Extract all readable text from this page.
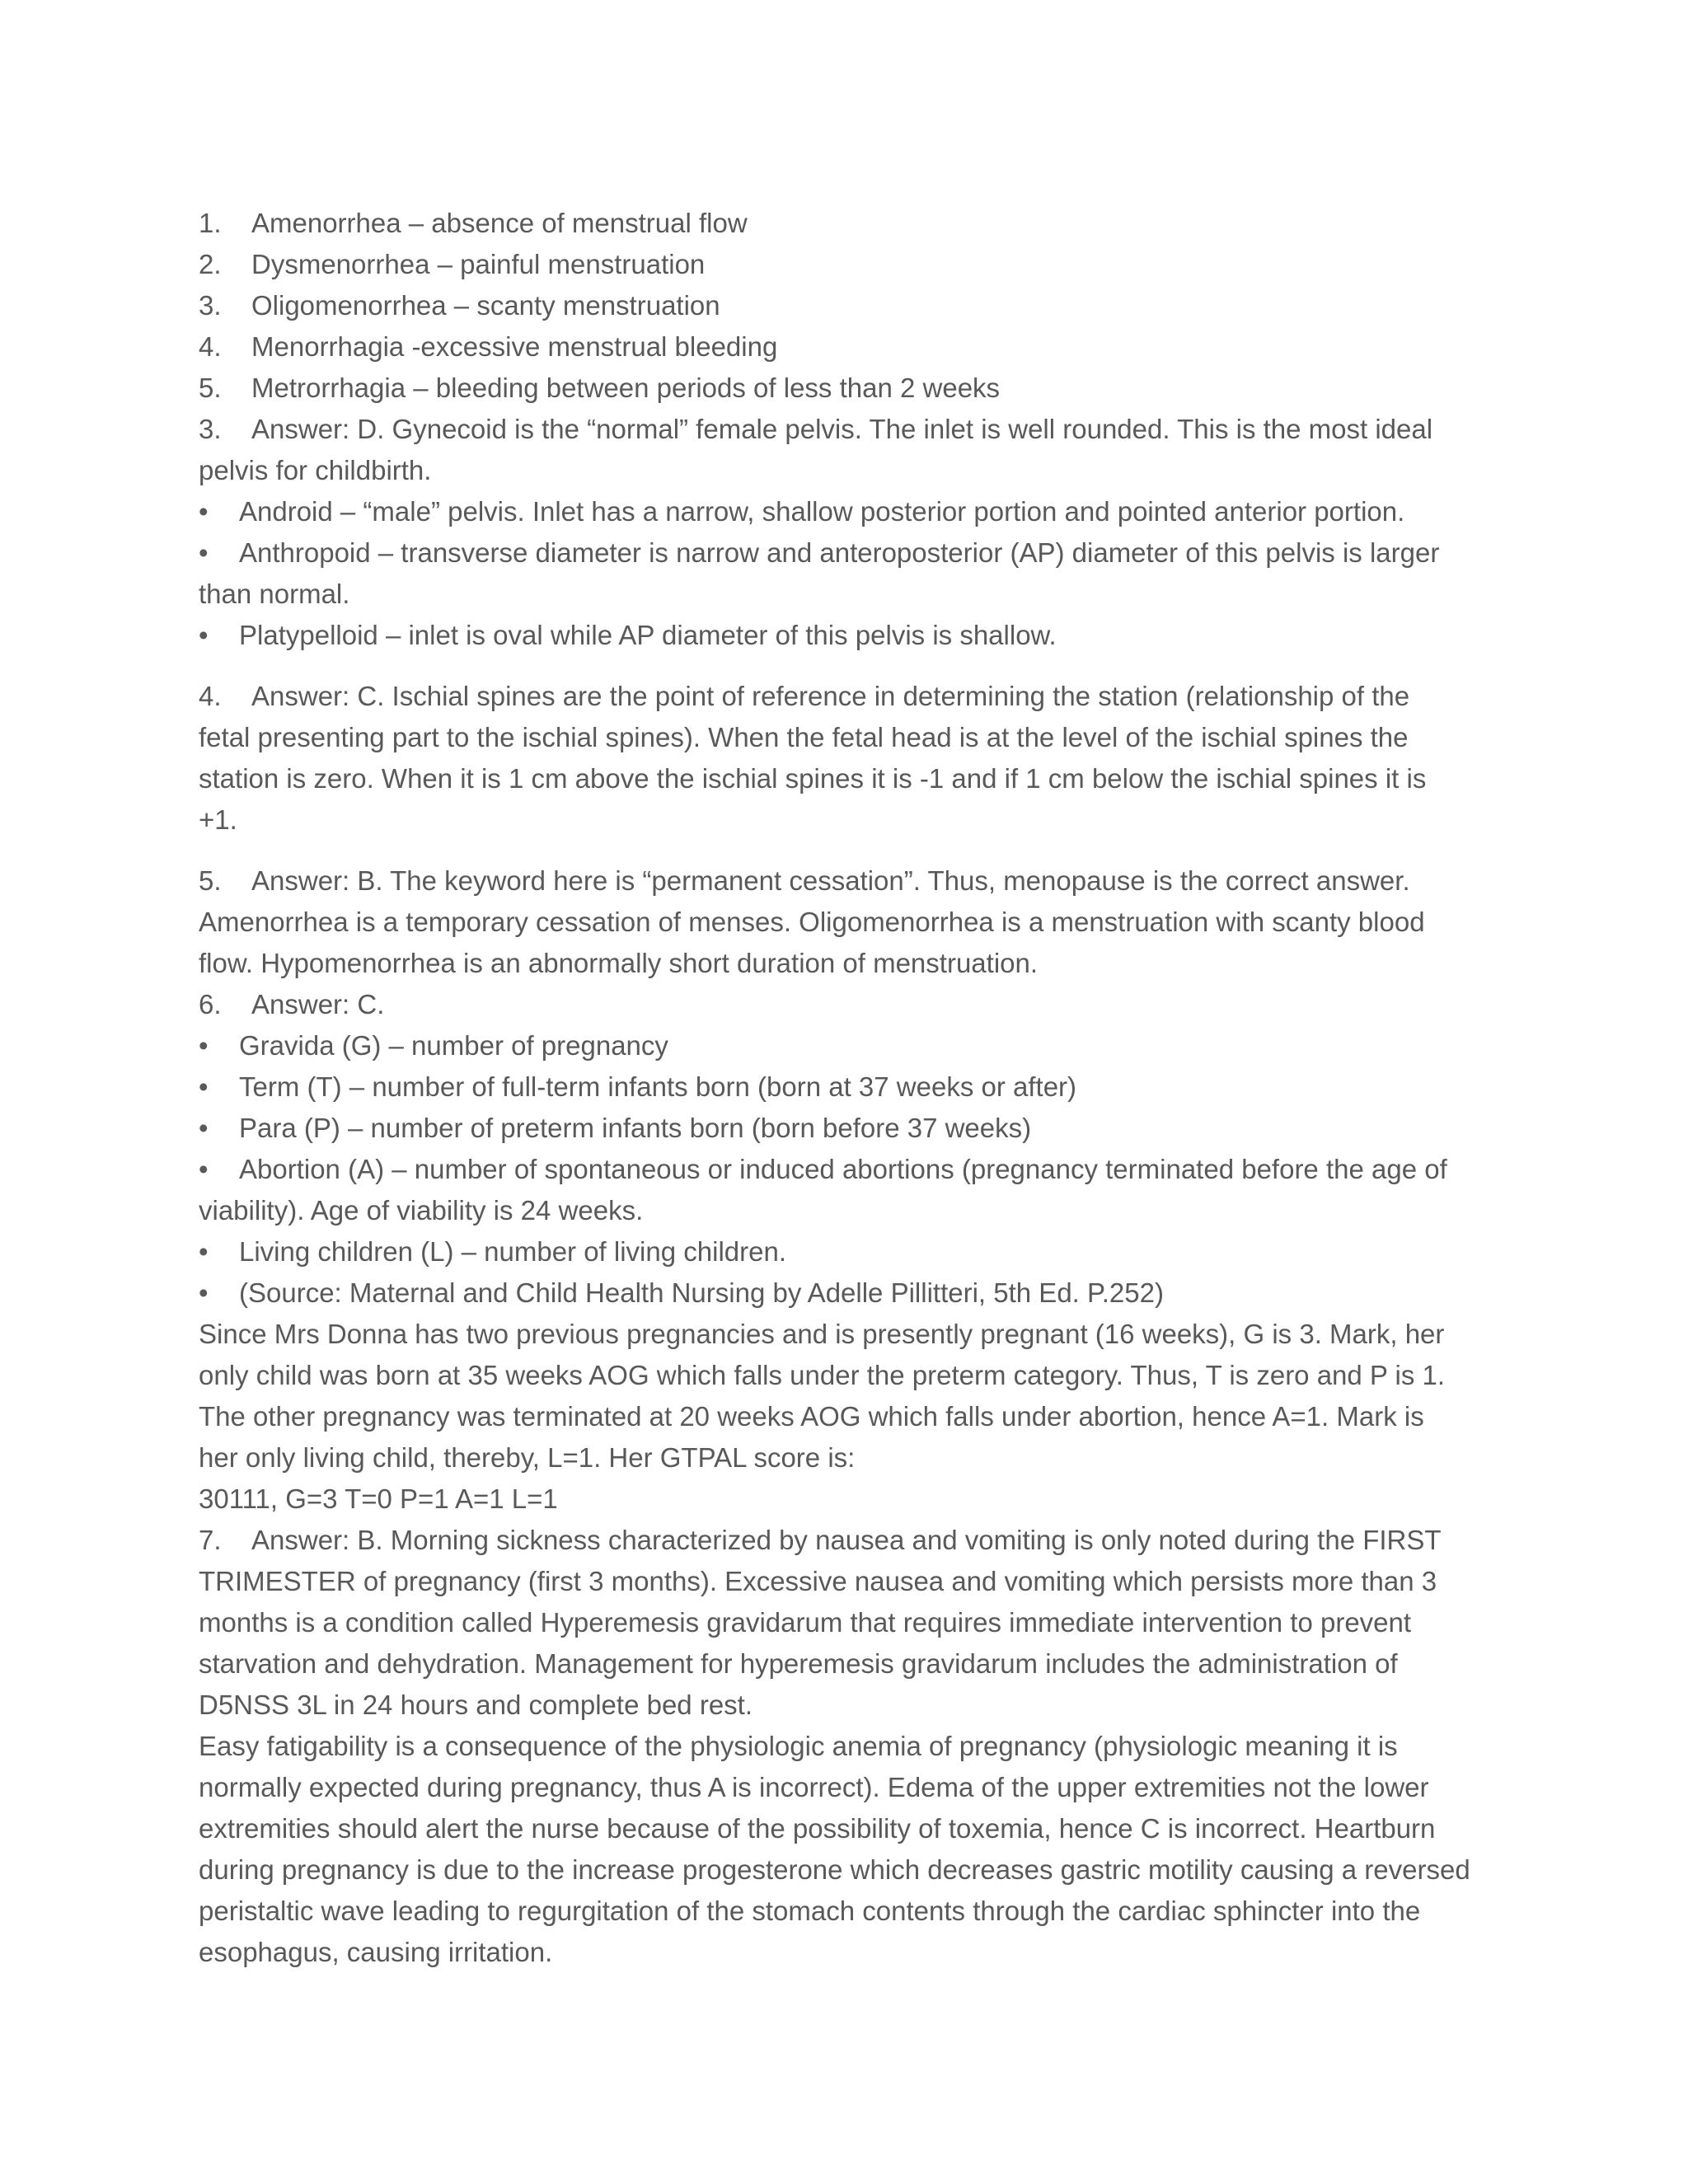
1.	Amenorrhea – absence of menstrual flow
2.	Dysmenorrhea – painful menstruation
3.	Oligomenorrhea – scanty menstruation
4.	Menorrhagia -excessive menstrual bleeding
5.	Metrorrhagia – bleeding between periods of less than 2 weeks
3.	Answer: D. Gynecoid is the “normal” female pelvis. The inlet is well rounded. This is the most ideal
pelvis for childbirth.
•	Android – “male” pelvis. Inlet has a narrow, shallow posterior portion and pointed anterior portion.
•	Anthropoid – transverse diameter is narrow and anteroposterior (AP) diameter of this pelvis is larger
than normal.
•	Platypelloid – inlet is oval while AP diameter of this pelvis is shallow.
4.	Answer: C. Ischial spines are the point of reference in determining the station (relationship of the
fetal presenting part to the ischial spines). When the fetal head is at the level of the ischial spines the
station is zero. When it is 1 cm above the ischial spines it is -1 and if 1 cm below the ischial spines it is
+1.
5.	Answer: B. The keyword here is “permanent cessation”. Thus, menopause is the correct answer.
Amenorrhea is a temporary cessation of menses. Oligomenorrhea is a menstruation with scanty blood
flow. Hypomenorrhea is an abnormally short duration of menstruation.
6.	Answer: C.
•	Gravida (G) – number of pregnancy
•	Term (T) – number of full-term infants born (born at 37 weeks or after)
•	Para (P) – number of preterm infants born (born before 37 weeks)
•	Abortion (A) – number of spontaneous or induced abortions (pregnancy terminated before the age of
viability). Age of viability is 24 weeks.
•	Living children (L) – number of living children.
•	(Source: Maternal and Child Health Nursing by Adelle Pillitteri, 5th Ed. P.252)
Since Mrs Donna has two previous pregnancies and is presently pregnant (16 weeks), G is 3. Mark, her
only child was born at 35 weeks AOG which falls under the preterm category. Thus, T is zero and P is 1.
The other pregnancy was terminated at 20 weeks AOG which falls under abortion, hence A=1. Mark is
her only living child, thereby, L=1. Her GTPAL score is:
30111, G=3 T=0 P=1 A=1 L=1
7.	Answer: B. Morning sickness characterized by nausea and vomiting is only noted during the FIRST
TRIMESTER of pregnancy (first 3 months). Excessive nausea and vomiting which persists more than 3
months is a condition called Hyperemesis gravidarum that requires immediate intervention to prevent
starvation and dehydration. Management for hyperemesis gravidarum includes the administration of
D5NSS 3L in 24 hours and complete bed rest.
Easy fatigability is a consequence of the physiologic anemia of pregnancy (physiologic meaning it is
normally expected during pregnancy, thus A is incorrect). Edema of the upper extremities not the lower
extremities should alert the nurse because of the possibility of toxemia, hence C is incorrect. Heartburn
during pregnancy is due to the increase progesterone which decreases gastric motility causing a reversed
peristaltic wave leading to regurgitation of the stomach contents through the cardiac sphincter into the
esophagus, causing irritation.
